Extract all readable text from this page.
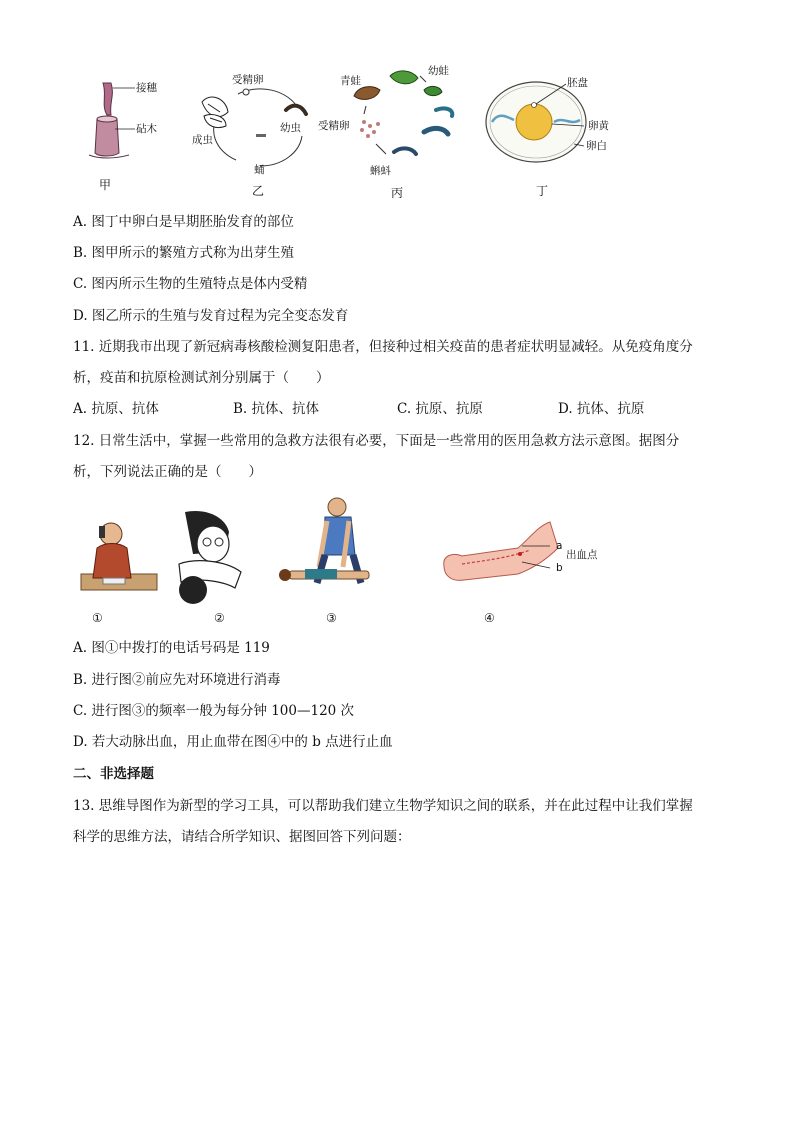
接穗
砧木
甲
受精卵
幼虫
成虫
蛹
乙
青蛙
幼蛙
受精卵
蝌蚪
丙
胚盘
卵黄
卵白
丁
A. 图丁中卵白是早期胚胎发育的部位
B. 图甲所示的繁殖方式称为出芽生殖
C. 图丙所示生物的生殖特点是体内受精
D. 图乙所示的生殖与发育过程为完全变态发育
11. 近期我市出现了新冠病毒核酸检测复阳患者，但接种过相关疫苗的患者症状明显减轻。从免疫角度分
析，疫苗和抗原检测试剂分别属于（　　）
A. 抗原、抗体	B. 抗体、抗体	C. 抗原、抗原	D. 抗体、抗原
12. 日常生活中，掌握一些常用的急救方法很有必要，下面是一些常用的医用急救方法示意图。据图分
析，下列说法正确的是（　　）
①	②	③
a
出血点
b
④
A. 图①中拨打的电话号码是 119
B. 进行图②前应先对环境进行消毒
C. 进行图③的频率一般为每分钟 100—120 次
D. 若大动脉出血，用止血带在图④中的 b 点进行止血
二、非选择题
13. 思维导图作为新型的学习工具，可以帮助我们建立生物学知识之间的联系，并在此过程中让我们掌握
科学的思维方法，请结合所学知识、据图回答下列问题：
